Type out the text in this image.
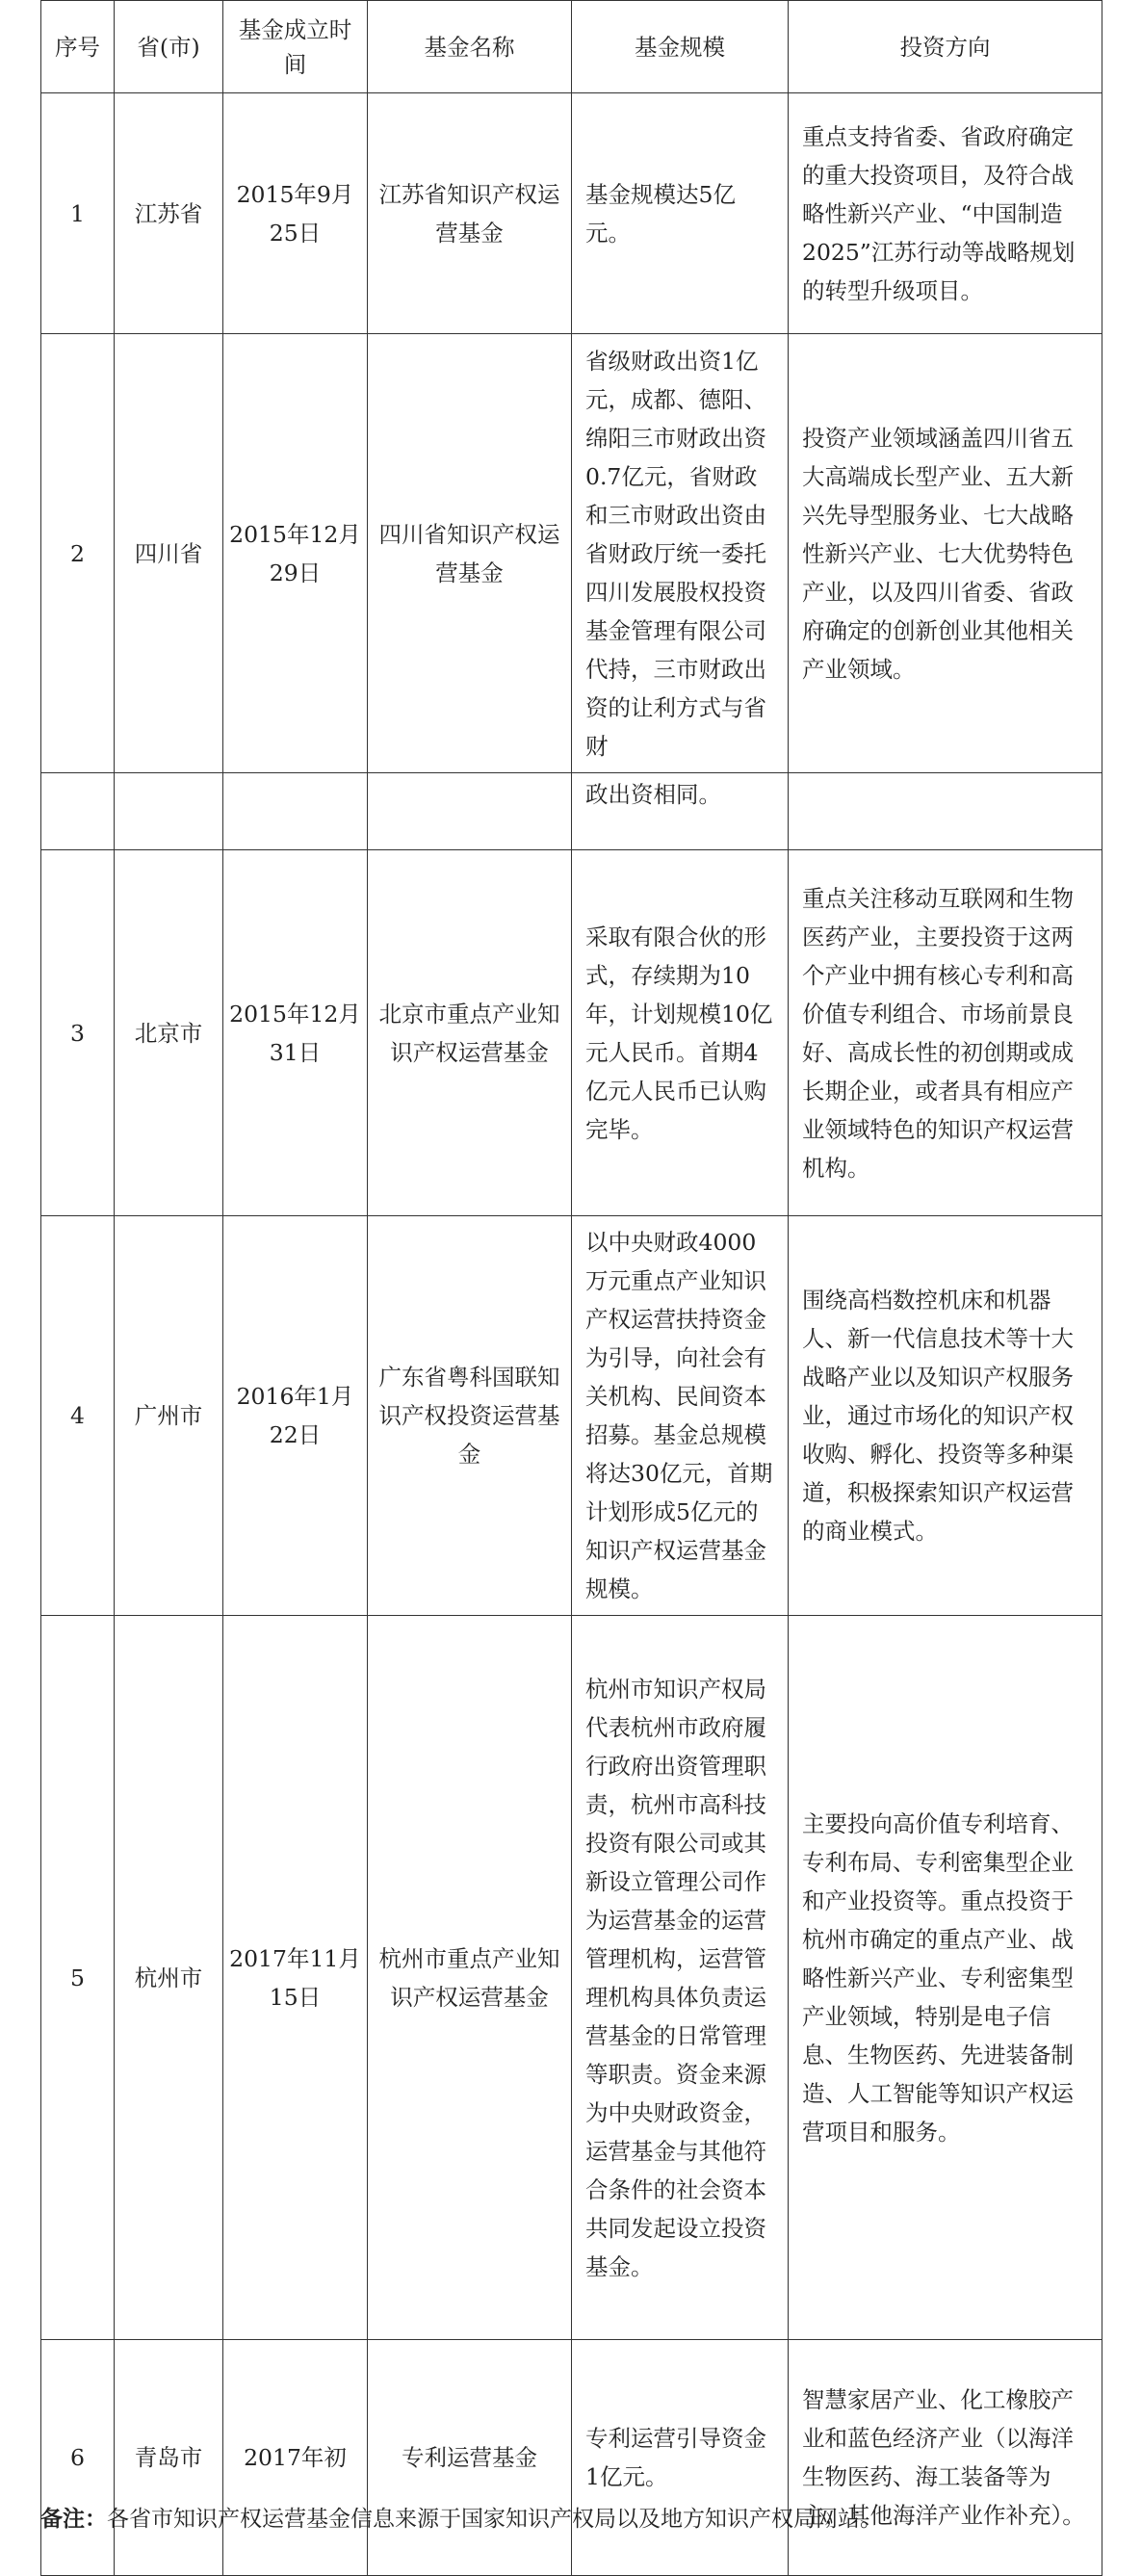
序号	省(市)	基金成立时间	基金名称	基金规模	投资方向
1	江苏省	2015年9月25日	江苏省知识产权运营基金	基金规模达5亿元。	重点支持省委、省政府确定的重大投资项目，及符合战略性新兴产业、“中国制造2025”江苏行动等战略规划的转型升级项目。
2	四川省	2015年12月29日	四川省知识产权运营基金	省级财政出资1亿元，成都、德阳、绵阳三市财政出资0.7亿元，省财政和三市财政出资由省财政厅统一委托四川发展股权投资基金管理有限公司代持，三市财政出资的让利方式与省财	投资产业领域涵盖四川省五大高端成长型产业、五大新兴先导型服务业、七大战略性新兴产业、七大优势特色产业，以及四川省委、省政府确定的创新创业其他相关产业领域。
				政出资相同。	
3	北京市	2015年12月31日	北京市重点产业知识产权运营基金	采取有限合伙的形式，存续期为10年，计划规模10亿元人民币。首期4亿元人民币已认购完毕。	重点关注移动互联网和生物医药产业，主要投资于这两个产业中拥有核心专利和高价值专利组合、市场前景良好、高成长性的初创期或成长期企业，或者具有相应产业领域特色的知识产权运营机构。
4	广州市	2016年1月22日	广东省粤科国联知识产权投资运营基金	以中央财政4000万元重点产业知识产权运营扶持资金为引导，向社会有关机构、民间资本招募。基金总规模将达30亿元，首期计划形成5亿元的知识产权运营基金规模。	围绕高档数控机床和机器人、新一代信息技术等十大战略产业以及知识产权服务业，通过市场化的知识产权收购、孵化、投资等多种渠道，积极探索知识产权运营的商业模式。
5	杭州市	2017年11月15日	杭州市重点产业知识产权运营基金	杭州市知识产权局代表杭州市政府履行政府出资管理职责，杭州市高科技投资有限公司或其新设立管理公司作为运营基金的运营管理机构，运营管理机构具体负责运营基金的日常管理等职责。资金来源为中央财政资金，运营基金与其他符合条件的社会资本共同发起设立投资基金。	主要投向高价值专利培育、专利布局、专利密集型企业和产业投资等。重点投资于杭州市确定的重点产业、战略性新兴产业、专利密集型产业领域，特别是电子信息、生物医药、先进装备制造、人工智能等知识产权运营项目和服务。
6	青岛市	2017年初	专利运营基金	专利运营引导资金1亿元。	智慧家居产业、化工橡胶产业和蓝色经济产业（以海洋生物医药、海工装备等为主，其他海洋产业作补充）。
备注：各省市知识产权运营基金信息来源于国家知识产权局以及地方知识产权局网站。
